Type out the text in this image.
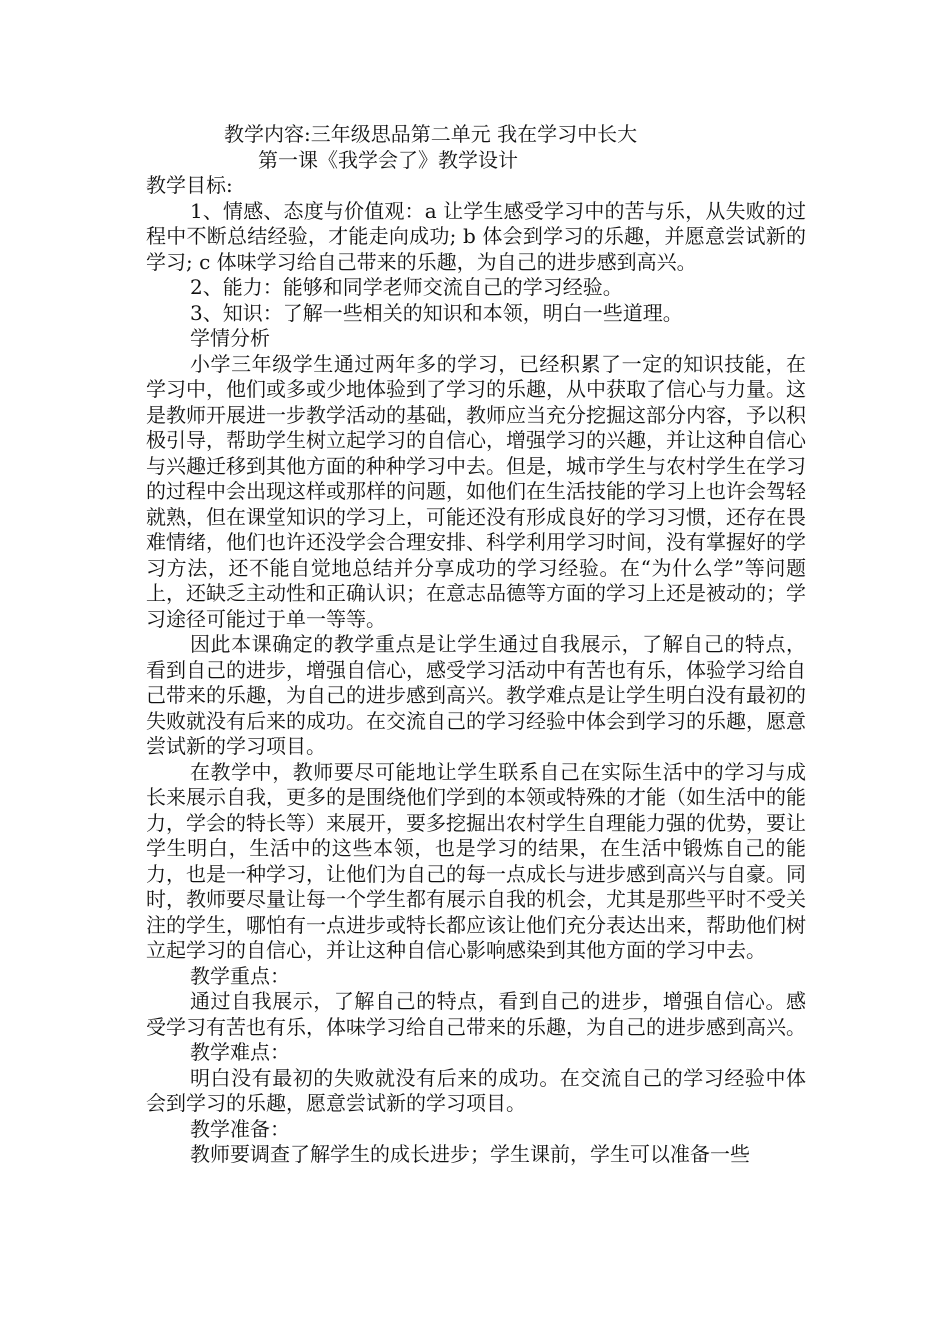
教学内容:三年级思品第二单元 我在学习中长大
第一课《我学会了》教学设计
教学目标:

1、情感、态度与价值观：a 让学生感受学习中的苦与乐，从失败的过程中不断总结经验，才能走向成功; b 体会到学习的乐趣，并愿意尝试新的学习; c 体味学习给自己带来的乐趣，为自己的进步感到高兴。

2、能力：能够和同学老师交流自己的学习经验。

3、知识：了解一些相关的知识和本领，明白一些道理。

学情分析

小学三年级学生通过两年多的学习，已经积累了一定的知识技能，在学习中，他们或多或少地体验到了学习的乐趣，从中获取了信心与力量。这是教师开展进一步教学活动的基础，教师应当充分挖掘这部分内容，予以积极引导，帮助学生树立起学习的自信心，增强学习的兴趣，并让这种自信心与兴趣迁移到其他方面的种种学习中去。但是，城市学生与农村学生在学习的过程中会出现这样或那样的问题，如他们在生活技能的学习上也许会驾轻就熟，但在课堂知识的学习上，可能还没有形成良好的学习习惯，还存在畏难情绪，他们也许还没学会合理安排、科学利用学习时间，没有掌握好的学习方法，还不能自觉地总结并分享成功的学习经验。在“为什么学”等问题上，还缺乏主动性和正确认识；在意志品德等方面的学习上还是被动的；学习途径可能过于单一等等。

因此本课确定的教学重点是让学生通过自我展示，了解自己的特点，看到自己的进步，增强自信心，感受学习活动中有苦也有乐，体验学习给自己带来的乐趣，为自己的进步感到高兴。教学难点是让学生明白没有最初的失败就没有后来的成功。在交流自己的学习经验中体会到学习的乐趣，愿意尝试新的学习项目。

在教学中，教师要尽可能地让学生联系自己在实际生活中的学习与成长来展示自我，更多的是围绕他们学到的本领或特殊的才能（如生活中的能力，学会的特长等）来展开，要多挖掘出农村学生自理能力强的优势，要让学生明白，生活中的这些本领，也是学习的结果，在生活中锻炼自己的能力，也是一种学习，让他们为自己的每一点成长与进步感到高兴与自豪。同时，教师要尽量让每一个学生都有展示自我的机会，尤其是那些平时不受关注的学生，哪怕有一点进步或特长都应该让他们充分表达出来，帮助他们树立起学习的自信心，并让这种自信心影响感染到其他方面的学习中去。

教学重点：

通过自我展示，了解自己的特点，看到自己的进步，增强自信心。感受学习有苦也有乐，体味学习给自己带来的乐趣，为自己的进步感到高兴。

教学难点：

明白没有最初的失败就没有后来的成功。在交流自己的学习经验中体会到学习的乐趣，愿意尝试新的学习项目。

教学准备：

教师要调查了解学生的成长进步；学生课前，学生可以准备一些
